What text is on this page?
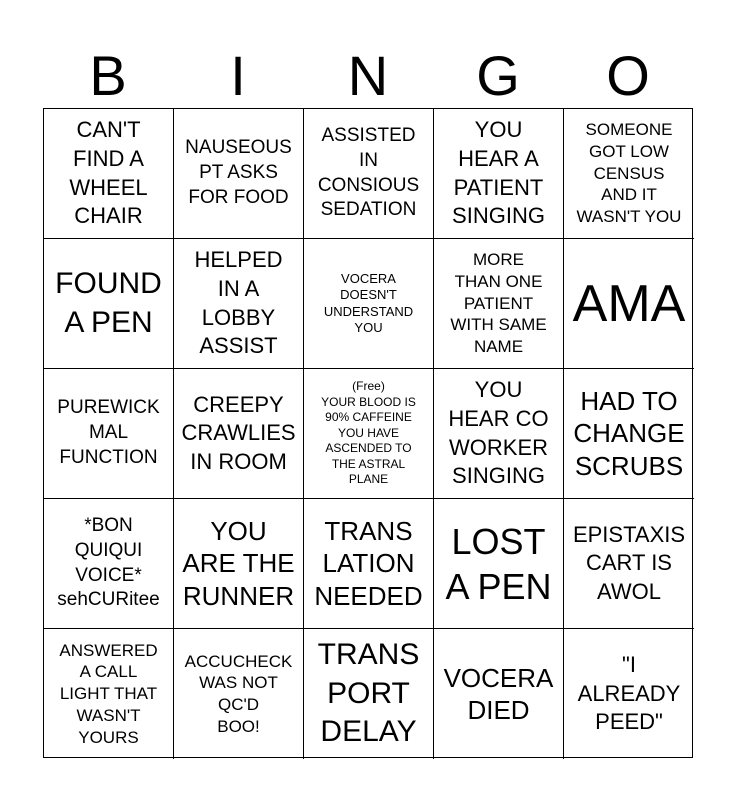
B	I	N	G	O
CAN'T
FIND A
WHEEL
CHAIR
NAUSEOUS
PT ASKS
FOR FOOD
ASSISTED
IN
CONSIOUS
SEDATION
YOU
HEAR A
PATIENT
SINGING
SOMEONE
GOT LOW
CENSUS
AND IT
WASN'T YOU
FOUND
A PEN
HELPED
IN A
LOBBY
ASSIST
VOCERA
DOESN'T
UNDERSTAND
YOU
MORE
THAN ONE
PATIENT
WITH SAME
NAME
AMA
PUREWICK
MAL
FUNCTION
CREEPY
CRAWLIES
IN ROOM
(Free)
YOUR BLOOD IS
90% CAFFEINE
YOU HAVE
ASCENDED TO
THE ASTRAL
PLANE
YOU
HEAR CO
WORKER
SINGING
HAD TO
CHANGE
SCRUBS
*BON
QUIQUI
VOICE*
sehCURitee
YOU
ARE THE
RUNNER
TRANS
LATION
NEEDED
LOST
A PEN
EPISTAXIS
CART IS
AWOL
ANSWERED
A CALL
LIGHT THAT
WASN'T
YOURS
ACCUCHECK
WAS NOT
QC'D
BOO!
TRANS
PORT
DELAY
VOCERA
DIED
"I
ALREADY
PEED"
